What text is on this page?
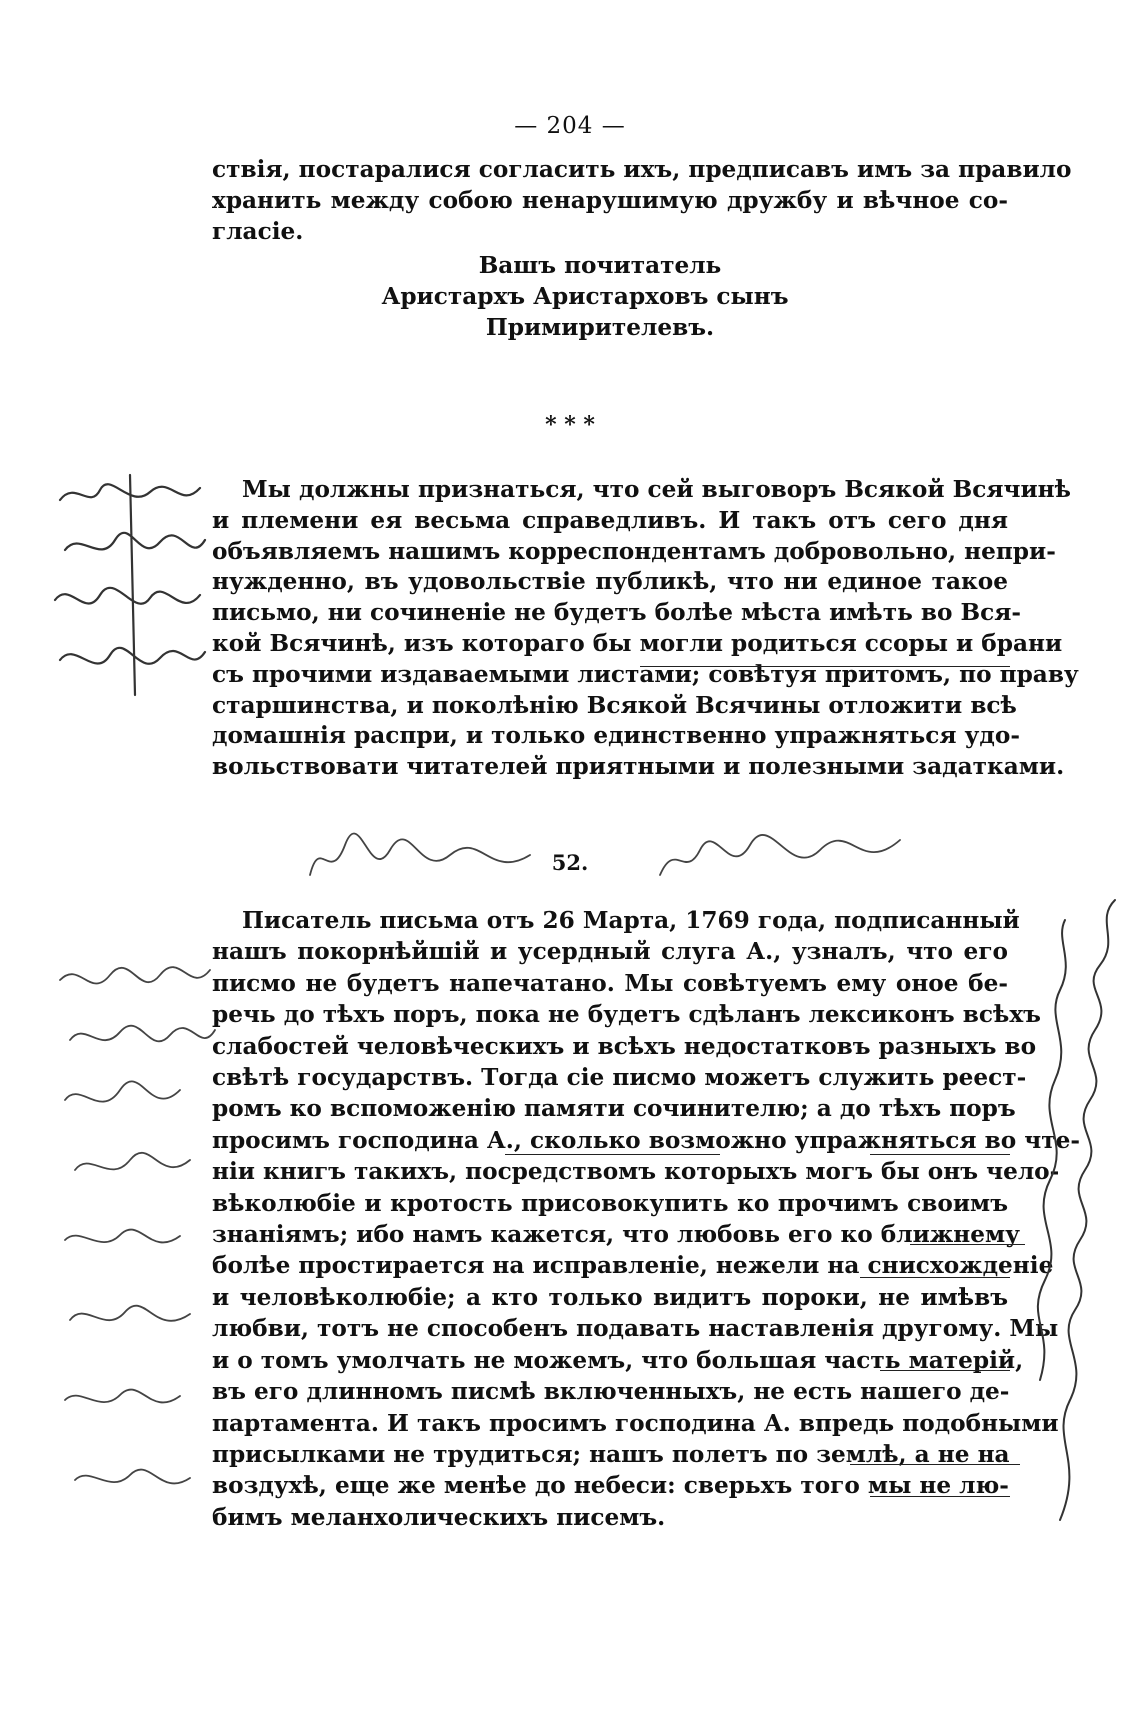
— 204 —
ствія, постаралися согласить ихъ, предписавъ имъ за правило
хранить между собою ненарушимую дружбу и вѣчное со-
гласіе.
Вашъ почитатель
Аристархъ Аристарховъ сынъ
Примирителевъ.
* * *
Мы должны признаться, что сей выговоръ Всякой Всячинѣ
и племени ея весьма справедливъ. И такъ отъ сего дня
объявляемъ нашимъ корреспондентамъ добровольно, непри-
нужденно, въ удовольствіе публикѣ, что ни единое такое
письмо, ни сочиненіе не будетъ болѣе мѣста имѣть во Вся-
кой Всячинѣ, изъ котораго бы могли родиться ссоры и брани
съ прочими издаваемыми листами; совѣтуя притомъ, по праву
старшинства, и поколѣнію Всякой Всячины отложити всѣ
домашнія распри, и только единственно упражняться удо-
вольствовати читателей приятными и полезными задатками.
52.
Писатель письма отъ 26 Марта, 1769 года, подписанный
нашъ покорнѣйшій и усердный слуга А., узналъ, что его
писмо не будетъ напечатано. Мы совѣтуемъ ему оное бе-
речь до тѣхъ поръ, пока не будетъ сдѣланъ лексиконъ всѣхъ
слабостей человѣческихъ и всѣхъ недостатковъ разныхъ во
свѣтѣ государствъ. Тогда сіе писмо можетъ служить реест-
ромъ ко вспоможенію памяти сочинителю; а до тѣхъ поръ
просимъ господина А., сколько возможно упражняться во чте-
ніи книгъ такихъ, посредствомъ которыхъ могъ бы онъ чело-
вѣколюбіе и кротость присовокупить ко прочимъ своимъ
знаніямъ; ибо намъ кажется, что любовь его ко ближнему
болѣе простирается на исправленіе, нежели на снисхожденіе
и человѣколюбіе; а кто только видитъ пороки, не имѣвъ
любви, тотъ не способенъ подавать наставленія другому. Мы
и о томъ умолчать не можемъ, что большая часть матерій,
въ его длинномъ писмѣ включенныхъ, не есть нашего де-
партамента. И такъ просимъ господина А. впредь подобными
присылками не трудиться; нашъ полетъ по землѣ, а не на
воздухѣ, еще же менѣе до небеси: сверьхъ того мы не лю-
бимъ меланхолическихъ писемъ.
